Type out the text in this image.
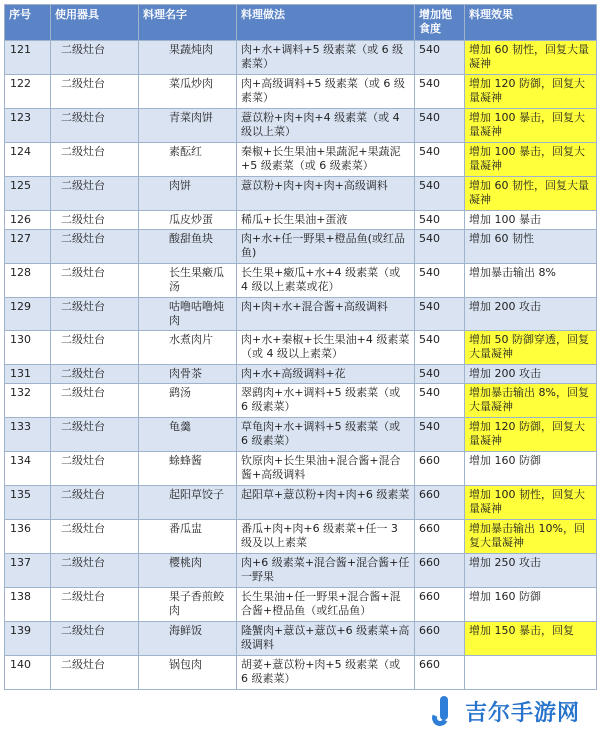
序号	使用器具	料理名字	料理做法	增加饱食度	料理效果
121	二级灶台	果蔬炖肉	肉+水+调料+5 级素菜（或 6 级素菜）	540	增加 60 韧性，回复大量凝神
122	二级灶台	菜瓜炒肉	肉+高级调料+5 级素菜（或 6 级素菜）	540	增加 120 防御，回复大量凝神
123	二级灶台	青菜肉饼	薏苡粉+肉+肉+4 级素菜（或 4 级以上菜）	540	增加 100 暴击，回复大量凝神
124	二级灶台	素酝红	秦椒+长生果油+果蔬泥+果蔬泥+5 级素菜（或 6 级素菜）	540	增加 100 暴击，回复大量凝神
125	二级灶台	肉饼	薏苡粉+肉+肉+肉+高级调料	540	增加 60 韧性，回复大量凝神
126	二级灶台	瓜皮炒蛋	稀瓜+长生果油+蛋液	540	增加 100 暴击
127	二级灶台	酸甜鱼块	肉+水+任一野果+橙品鱼(或红品鱼)	540	增加 60 韧性
128	二级灶台	长生果瘷瓜汤	长生果+瘷瓜+水+4 级素菜（或 4 级以上素菜或花）	540	增加暴击输出 8%
129	二级灶台	咕噜咕噜炖肉	肉+肉+水+混合酱+高级调料	540	增加 200 攻击
130	二级灶台	水煮肉片	肉+水+秦椒+长生果油+4 级素菜（或 4 级以上素菜）	540	增加 50 防御穿透，回复大量凝神
131	二级灶台	肉骨茶	肉+水+高级调料+花	540	增加 200 攻击
132	二级灶台	鹞汤	翠鹞肉+水+调料+5 级素菜（或 6 级素菜）	540	增加暴击输出 8%，回复大量凝神
133	二级灶台	龟羹	草龟肉+水+调料+5 级素菜（或 6 级素菜）	540	增加 120 防御，回复大量凝神
134	二级灶台	蜍蜂酱	钦原肉+长生果油+混合酱+混合酱+高级调料	660	增加 160 防御
135	二级灶台	起阳草饺子	起阳草+薏苡粉+肉+肉+6 级素菜	660	增加 100 韧性，回复大量凝神
136	二级灶台	番瓜盅	番瓜+肉+肉+6 级素菜+任一 3 级及以上素菜	660	增加暴击输出 10%，回复大量凝神
137	二级灶台	樱桃肉	肉+6 级素菜+混合酱+混合酱+任一野果	660	增加 250 攻击
138	二级灶台	果子香煎鲛肉	长生果油+任一野果+混合酱+混合酱+橙品鱼（或红品鱼）	660	增加 160 防御
139	二级灶台	海鲜饭	隆蟹肉+薏苡+薏苡+6 级素菜+高级调料	660	增加 150 暴击，回复
140	二级灶台	锅包肉	胡荽+薏苡粉+肉+5 级素菜（或 6 级素菜）	660	
吉尔手游网
